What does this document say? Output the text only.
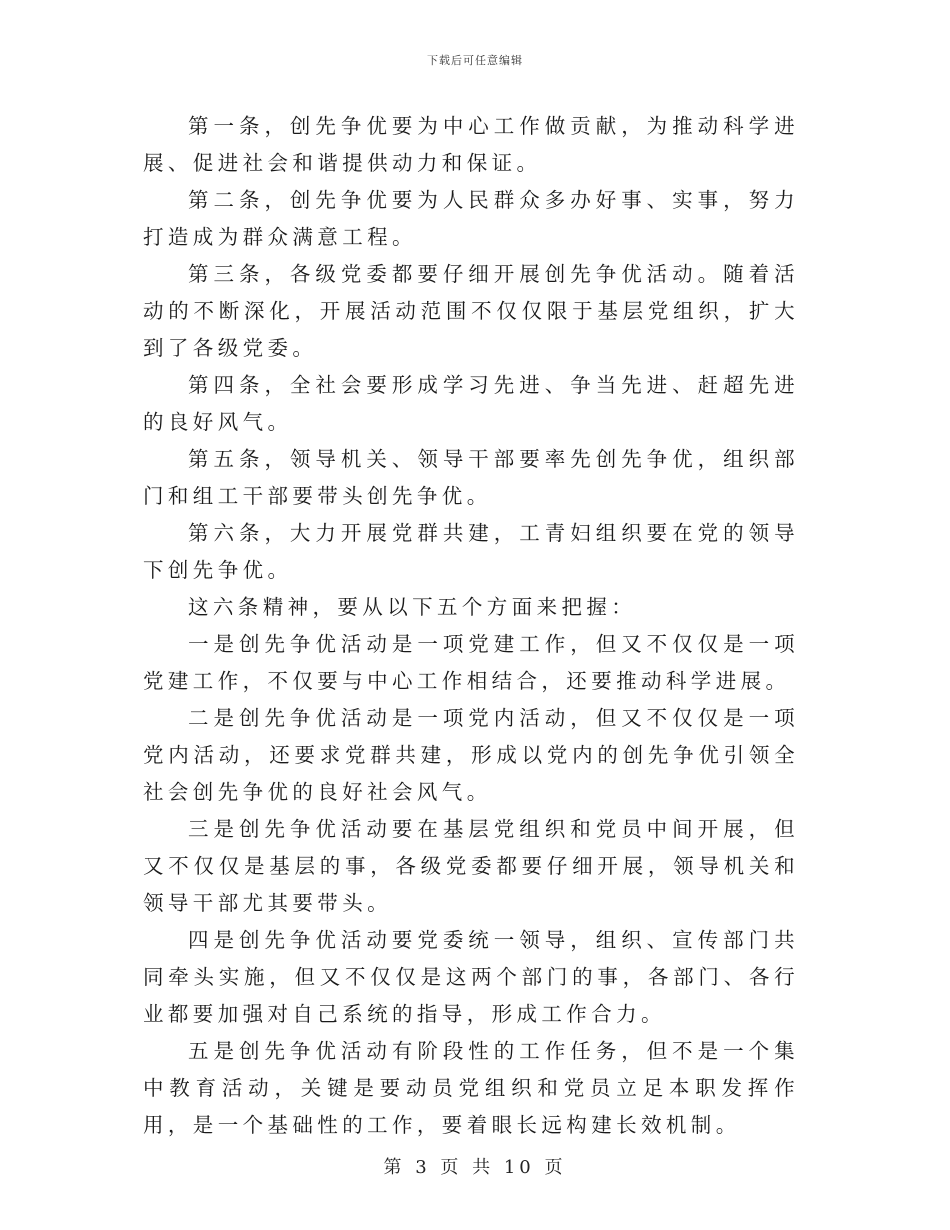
下载后可任意编辑

第一条，创先争优要为中心工作做贡献，为推动科学进展、促进社会和谐提供动力和保证。

第二条，创先争优要为人民群众多办好事、实事，努力打造成为群众满意工程。

第三条，各级党委都要仔细开展创先争优活动。随着活动的不断深化，开展活动范围不仅仅限于基层党组织，扩大到了各级党委。

第四条，全社会要形成学习先进、争当先进、赶超先进的良好风气。

第五条，领导机关、领导干部要率先创先争优，组织部门和组工干部要带头创先争优。

第六条，大力开展党群共建，工青妇组织要在党的领导下创先争优。

这六条精神，要从以下五个方面来把握：

一是创先争优活动是一项党建工作，但又不仅仅是一项党建工作，不仅要与中心工作相结合，还要推动科学进展。

二是创先争优活动是一项党内活动，但又不仅仅是一项党内活动，还要求党群共建，形成以党内的创先争优引领全社会创先争优的良好社会风气。

三是创先争优活动要在基层党组织和党员中间开展，但又不仅仅是基层的事，各级党委都要仔细开展，领导机关和领导干部尤其要带头。

四是创先争优活动要党委统一领导，组织、宣传部门共同牵头实施，但又不仅仅是这两个部门的事，各部门、各行业都要加强对自己系统的指导，形成工作合力。

五是创先争优活动有阶段性的工作任务，但不是一个集中教育活动，关键是要动员党组织和党员立足本职发挥作用，是一个基础性的工作，要着眼长远构建长效机制。

第 3 页 共 10 页
